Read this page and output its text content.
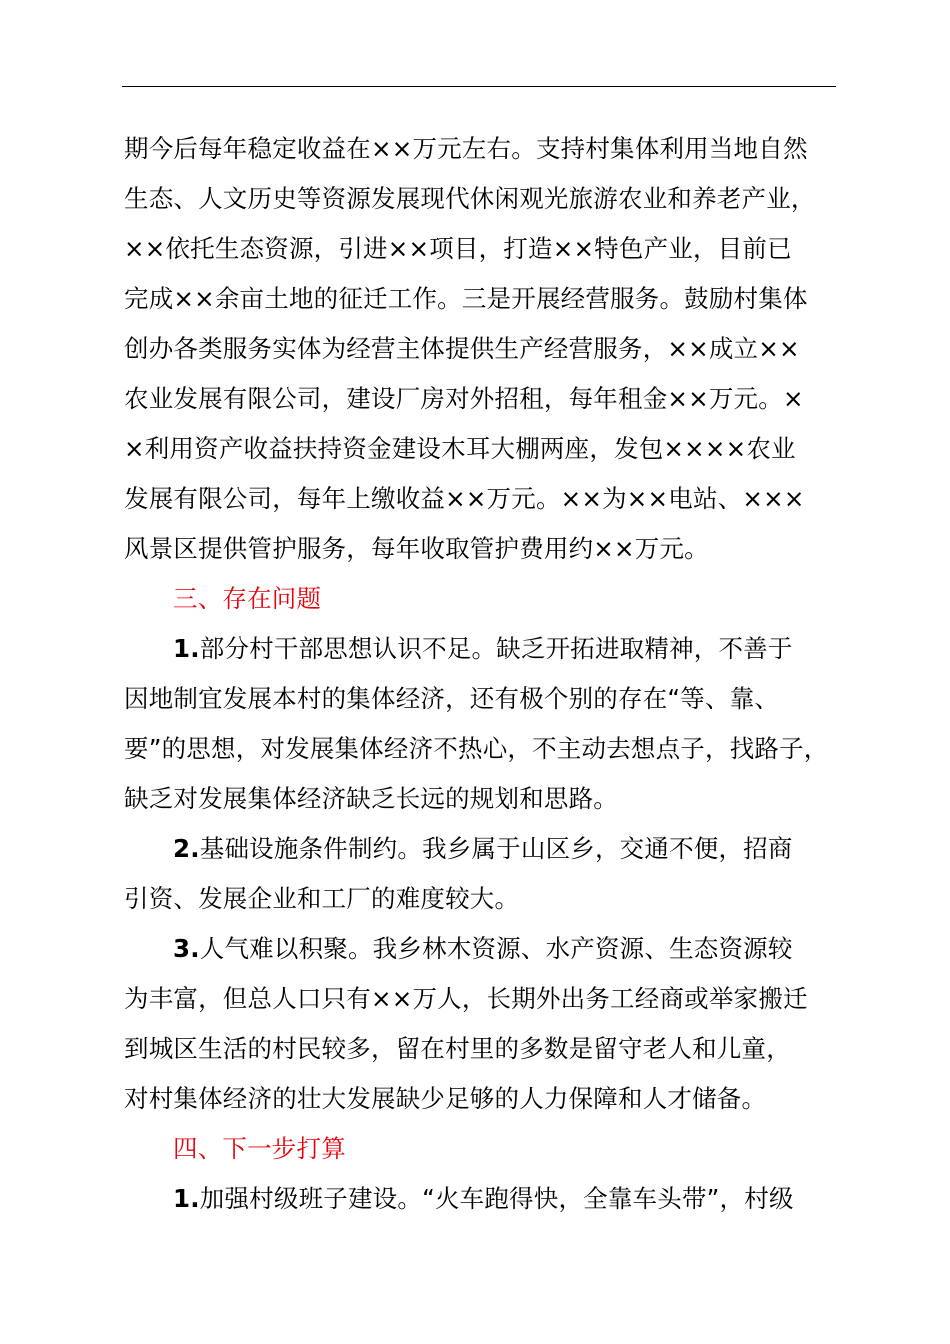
期今后每年稳定收益在××万元左右。支持村集体利用当地自然
生态、人文历史等资源发展现代休闲观光旅游农业和养老产业，
××依托生态资源，引进××项目，打造××特色产业，目前已
完成××余亩土地的征迁工作。三是开展经营服务。鼓励村集体
创办各类服务实体为经营主体提供生产经营服务，××成立××
农业发展有限公司，建设厂房对外招租，每年租金××万元。×
×利用资产收益扶持资金建设木耳大棚两座，发包××××农业
发展有限公司，每年上缴收益××万元。××为××电站、×××
风景区提供管护服务，每年收取管护费用约××万元。
三、存在问题
1.部分村干部思想认识不足。缺乏开拓进取精神，不善于
因地制宜发展本村的集体经济，还有极个别的存在“等、靠、
要”的思想，对发展集体经济不热心，不主动去想点子，找路子，
缺乏对发展集体经济缺乏长远的规划和思路。
2.基础设施条件制约。我乡属于山区乡，交通不便，招商
引资、发展企业和工厂的难度较大。
3.人气难以积聚。我乡林木资源、水产资源、生态资源较
为丰富，但总人口只有××万人，长期外出务工经商或举家搬迁
到城区生活的村民较多，留在村里的多数是留守老人和儿童，
对村集体经济的壮大发展缺少足够的人力保障和人才储备。
四、下一步打算
1.加强村级班子建设。“火车跑得快，全靠车头带”，村级
